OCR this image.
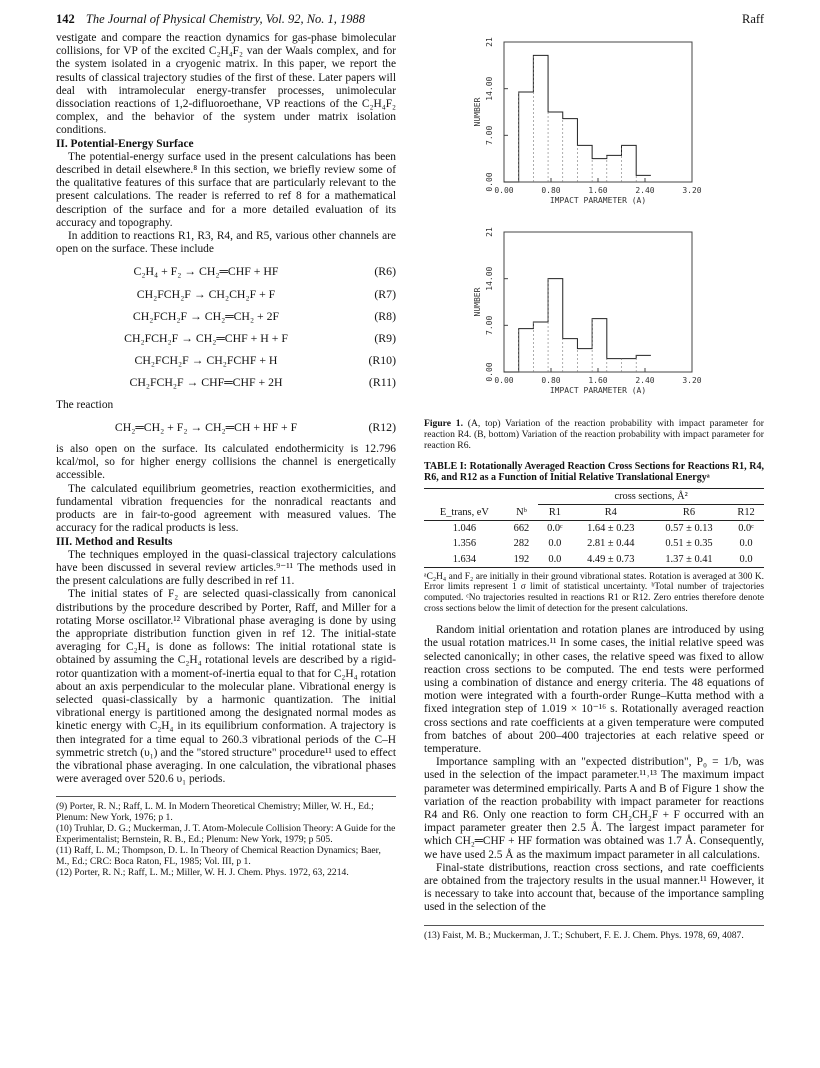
142 The Journal of Physical Chemistry, Vol. 92, No. 1, 1988	Raff

vestigate and compare the reaction dynamics for gas-phase bimolecular collisions, for VP of the excited C₂H₄F₂ van der Waals complex, and for the system isolated in a cryogenic matrix. In this paper, we report the results of classical trajectory studies of the first of these. Later papers will deal with intramolecular energy-transfer processes, unimolecular dissociation reactions of 1,2-difluoroethane, VP reactions of the C₂H₄F₂ complex, and the behavior of the system under matrix isolation conditions.

II. Potential-Energy Surface

The potential-energy surface used in the present calculations has been described in detail elsewhere.⁸ In this section, we briefly review some of the qualitative features of this surface that are particularly relevant to the present calculations. The reader is referred to ref 8 for a mathematical description of the surface and for a more detailed evaluation of its accuracy and topography.

In addition to reactions R1, R3, R4, and R5, various other channels are open on the surface. These include

C₂H₄ + F₂ → CH₂═CHF + HF	(R6)
CH₂FCH₂F → CH₂CH₂F + F	(R7)
CH₂FCH₂F → CH₂═CH₂ + 2F	(R8)
CH₂FCH₂F → CH₂═CHF + H + F	(R9)
CH₂FCH₂F → CH₂FCHF + H	(R10)
CH₂FCH₂F → CHF═CHF + 2H	(R11)

The reaction

CH₂═CH₂ + F₂ → CH₂═CH + HF + F	(R12)

is also open on the surface. Its calculated endothermicity is 12.796 kcal/mol, so for higher energy collisions the channel is energetically accessible.

The calculated equilibrium geometries, reaction exothermicities, and fundamental vibration frequencies for the nonradical reactants and products are in fair-to-good agreement with measured values. The accuracy for the radical products is less.

III. Method and Results

The techniques employed in the quasi-classical trajectory calculations have been discussed in several review articles.⁹⁻¹¹ The methods used in the present calculations are fully described in ref 11.

The initial states of F₂ are selected quasi-classically from canonical distributions by the procedure described by Porter, Raff, and Miller for a rotating Morse oscillator.¹² Vibrational phase averaging is done by using the appropriate distribution function given in ref 12. The initial-state averaging for C₂H₄ is done as follows: The initial rotational state is obtained by assuming the C₂H₄ rotational levels are described by a rigid-rotor quantization with a moment-of-inertia equal to that for C₂H₄ rotation about an axis perpendicular to the molecular plane. Vibrational energy is selected quasi-classically by a harmonic quantization. The initial vibrational energy is partitioned among the designated normal modes as kinetic energy with C₂H₄ in its equilibrium conformation. A trajectory is then integrated for a time equal to 260.3 vibrational periods of the C–H symmetric stretch (υ₁) and the "stored structure" procedure¹¹ used to effect the vibrational phase averaging. In one calculation, the vibrational phases were averaged over 520.6 υ₁ periods.

(9) Porter, R. N.; Raff, L. M. In Modern Theoretical Chemistry; Miller, W. H., Ed.; Plenum: New York, 1976; p 1.
(10) Truhlar, D. G.; Muckerman, J. T. Atom-Molecule Collision Theory: A Guide for the Experimentalist; Bernstein, R. B., Ed.; Plenum: New York, 1979; p 505.
(11) Raff, L. M.; Thompson, D. L. In Theory of Chemical Reaction Dynamics; Baer, M., Ed.; CRC: Boca Raton, FL, 1985; Vol. III, p 1.
(12) Porter, R. N.; Raff, L. M.; Miller, W. H. J. Chem. Phys. 1972, 63, 2214.
0.00	0.80	1.60	2.40	3.20
0.00
7.00
14.00
21
IMPACT PARAMETER (A)
NUMBER
0.00	0.80	1.60	2.40	3.20
0.00
7.00
14.00
21
IMPACT PARAMETER (A)
NUMBER
Figure 1. (A, top) Variation of the reaction probability with impact parameter for reaction R4. (B, bottom) Variation of the reaction probability with impact parameter for reaction R6.
TABLE I: Rotationally Averaged Reaction Cross Sections for Reactions R1, R4, R6, and R12 as a Function of Initial Relative Translational Energyᵃ
		cross sections, Å²			
E_trans, eV	Nᵇ	R1	R4	R6	R12
1.046	662	0.0ᶜ	1.64 ± 0.23	0.57 ± 0.13	0.0ᶜ
1.356	282	0.0	2.81 ± 0.44	0.51 ± 0.35	0.0
1.634	192	0.0	4.49 ± 0.73	1.37 ± 0.41	0.0
ᵃC₂H₄ and F₂ are initially in their ground vibrational states. Rotation is averaged at 300 K. Error limits represent 1 σ limit of statistical uncertainty. ᵇTotal number of trajectories computed. ᶜNo trajectories resulted in reactions R1 or R12. Zero entries therefore denote cross sections below the limit of detection for the present calculations.

Random initial orientation and rotation planes are introduced by using the usual rotation matrices.¹¹ In some cases, the initial relative speed was selected canonically; in other cases, the relative speed was fixed to allow reaction cross sections to be computed. The end tests were performed using a combination of distance and energy criteria. The 48 equations of motion were integrated with a fourth-order Runge–Kutta method with a fixed integration step of 1.019 × 10⁻¹⁶ s. Rotationally averaged reaction cross sections and rate coefficients at a given temperature were computed from batches of about 200–400 trajectories at each relative speed or temperature.

Importance sampling with an "expected distribution", P₀ = 1/b, was used in the selection of the impact parameter.¹¹˒¹³ The maximum impact parameter was determined empirically. Parts A and B of Figure 1 show the variation of the reaction probability with impact parameter for reactions R4 and R6. Only one reaction to form CH₂CH₂F + F occurred with an impact parameter greater then 2.5 Å. The largest impact parameter for which CH₂═CHF + HF formation was obtained was 1.7 Å. Consequently, we have used 2.5 Å as the maximum impact parameter in all calculations.

Final-state distributions, reaction cross sections, and rate coefficients are obtained from the trajectory results in the usual manner.¹¹ However, it is necessary to take into account that, because of the importance sampling used in the selection of the

(13) Faist, M. B.; Muckerman, J. T.; Schubert, F. E. J. Chem. Phys. 1978, 69, 4087.
